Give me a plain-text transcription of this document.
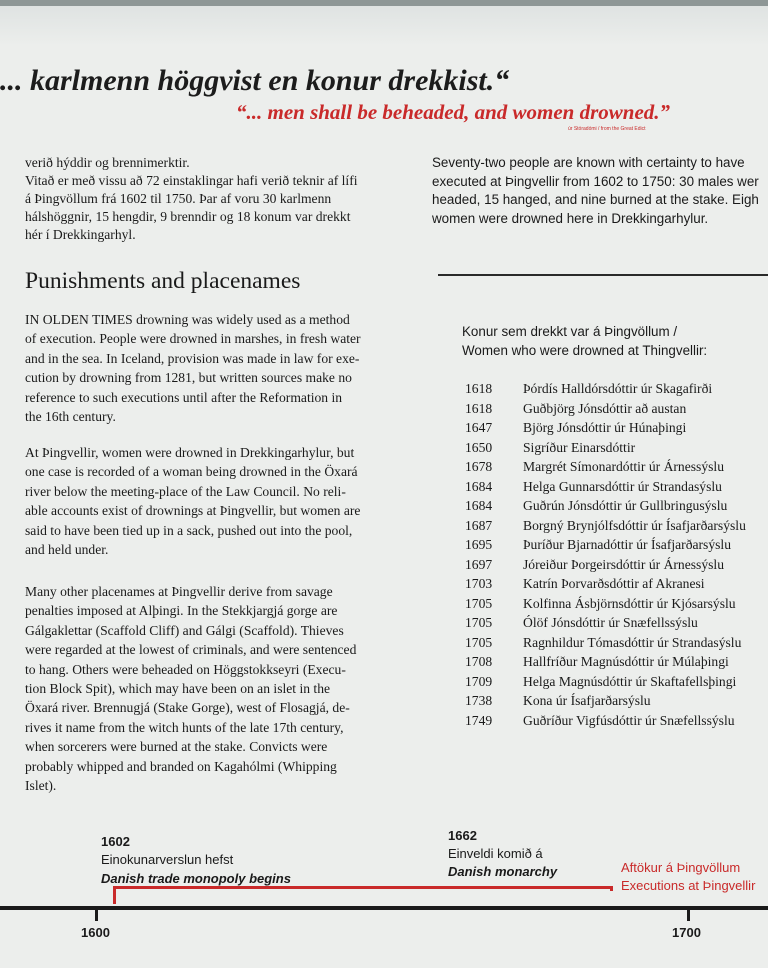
... karlmenn höggvist en konur drekkist.“
“... men shall be beheaded, and women drowned.”
úr Stóradómi / from the Great Edict
verið hýddir og brennimerktir.
Vitað er með vissu að 72 einstaklingar hafi verið teknir af lífi
á Þingvöllum frá 1602 til 1750. Þar af voru 30 karlmenn
hálshöggnir, 15 hengdir, 9 brenndir og 18 konum var drekkt
hér í Drekkingarhyl.
Seventy-two people are known with certainty to have
executed at Þingvellir from 1602 to 1750: 30 males wer
headed, 15 hanged, and nine burned at the stake. Eigh
women were drowned here in Drekkingarhylur.
Punishments and placenames
IN OLDEN TIMES drowning was widely used as a method
of execution. People were drowned in marshes, in fresh water
and in the sea. In Iceland, provision was made in law for exe-
cution by drowning from 1281, but written sources make no
reference to such executions until after the Reformation in
the 16th century.
At Þingvellir, women were drowned in Drekkingarhylur, but
one case is recorded of a woman being drowned in the Öxará
river below the meeting-place of the Law Council. No reli-
able accounts exist of drownings at Þingvellir, but women are
said to have been tied up in a sack, pushed out into the pool,
and held under.
Many other placenames at Þingvellir derive from savage
penalties imposed at Alþingi. In the Stekkjargjá gorge are
Gálgaklettar (Scaffold Cliff) and Gálgi (Scaffold). Thieves
were regarded at the lowest of criminals, and were sentenced
to hang. Others were beheaded on Höggstokkseyri (Execu-
tion Block Spit), which may have been on an islet in the
Öxará river. Brennugjá (Stake Gorge), west of Flosagjá, de-
rives it name from the witch hunts of the late 17th century,
when sorcerers were burned at the stake. Convicts were
probably whipped and branded on Kagahólmi (Whipping
Islet).
Konur sem drekkt var á Þingvöllum /
Women who were drowned at Thingvellir:
1618 Þórdís Halldórsdóttir úr Skagafirði
1618 Guðbjörg Jónsdóttir að austan
1647 Björg Jónsdóttir úr Húnaþingi
1650 Sigríður Einarsdóttir
1678 Margrét Símonardóttir úr Árnessýslu
1684 Helga Gunnarsdóttir úr Strandasýslu
1684 Guðrún Jónsdóttir úr Gullbringusýslu
1687 Borgný Brynjólfsdóttir úr Ísafjarðarsýslu
1695 Þuríður Bjarnadóttir úr Ísafjarðarsýslu
1697 Jóreiður Þorgeirsdóttir úr Árnessýslu
1703 Katrín Þorvarðsdóttir af Akranesi
1705 Kolfinna Ásbjörnsdóttir úr Kjósarsýslu
1705 Ólöf Jónsdóttir úr Snæfellssýslu
1705 Ragnhildur Tómasdóttir úr Strandasýslu
1708 Hallfríður Magnúsdóttir úr Múlaþingi
1709 Helga Magnúsdóttir úr Skaftafellsþingi
1738 Kona úr Ísafjarðarsýslu
1749 Guðríður Vigfúsdóttir úr Snæfellssýslu
1602
Einokunarverslun hefst
Danish trade monopoly begins
1662
Einveldi komið á
Danish monarchy	Aftökur á Þingvöllum
Executions at Þingvellir
1600	1700
